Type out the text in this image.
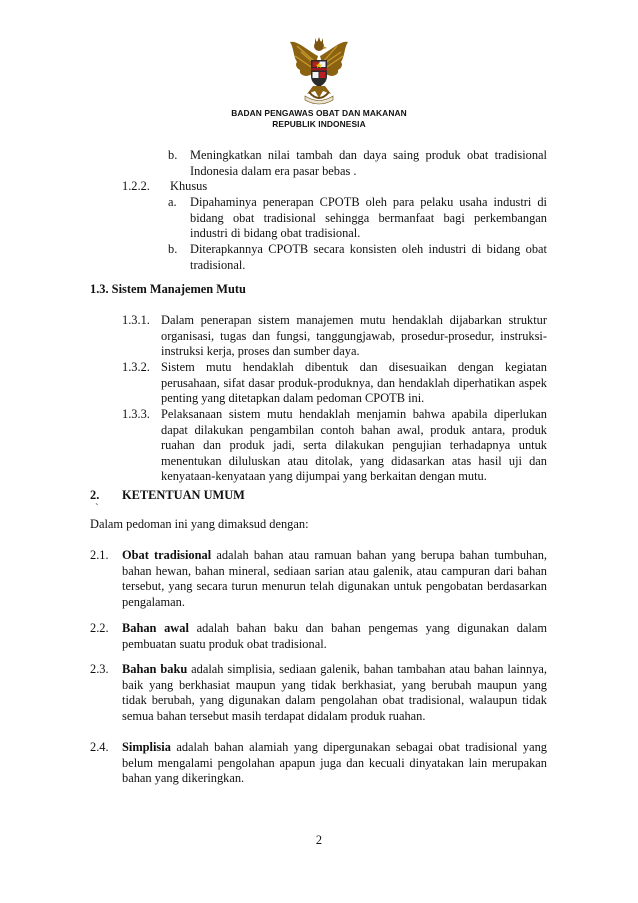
BADAN PENGAWAS OBAT DAN MAKANAN
REPUBLIK INDONESIA
b. Meningkatkan nilai tambah dan daya saing produk obat tradisional Indonesia dalam era pasar bebas .
1.2.2. Khusus
a. Dipahaminya penerapan CPOTB oleh para pelaku usaha industri di bidang obat tradisional sehingga bermanfaat bagi perkembangan industri di bidang obat tradisional.
b. Diterapkannya CPOTB secara konsisten oleh industri di bidang obat tradisional.
1.3. Sistem Manajemen Mutu
1.3.1. Dalam penerapan sistem manajemen mutu hendaklah dijabarkan struktur organisasi, tugas dan fungsi, tanggungjawab, prosedur-prosedur, instruksi-instruksi kerja, proses dan sumber daya.
1.3.2. Sistem mutu hendaklah dibentuk dan disesuaikan dengan kegiatan perusahaan, sifat dasar produk-produknya, dan hendaklah diperhatikan aspek penting yang ditetapkan dalam pedoman CPOTB ini.
1.3.3. Pelaksanaan sistem mutu hendaklah menjamin bahwa apabila diperlukan dapat dilakukan pengambilan contoh bahan awal, produk antara, produk ruahan dan produk jadi, serta dilakukan pengujian terhadapnya untuk menentukan diluluskan atau ditolak, yang didasarkan atas hasil uji dan kenyataan-kenyataan yang dijumpai yang berkaitan dengan mutu.
2. KETENTUAN UMUM
`
Dalam pedoman ini yang dimaksud dengan:
2.1. Obat tradisional adalah bahan atau ramuan bahan yang berupa bahan tumbuhan, bahan hewan, bahan mineral, sediaan sarian atau galenik, atau campuran dari bahan tersebut, yang secara turun menurun telah digunakan untuk pengobatan berdasarkan pengalaman.
2.2. Bahan awal adalah bahan baku dan bahan pengemas yang digunakan dalam pembuatan suatu produk obat tradisional.
2.3. Bahan baku adalah simplisia, sediaan galenik, bahan tambahan atau bahan lainnya, baik yang berkhasiat maupun yang tidak berkhasiat, yang berubah maupun yang tidak berubah, yang digunakan dalam pengolahan obat tradisional, walaupun tidak semua bahan tersebut masih terdapat didalam produk ruahan.
2.4. Simplisia adalah bahan alamiah yang dipergunakan sebagai obat tradisional yang belum mengalami pengolahan apapun juga dan kecuali dinyatakan lain merupakan bahan yang dikeringkan.
2
